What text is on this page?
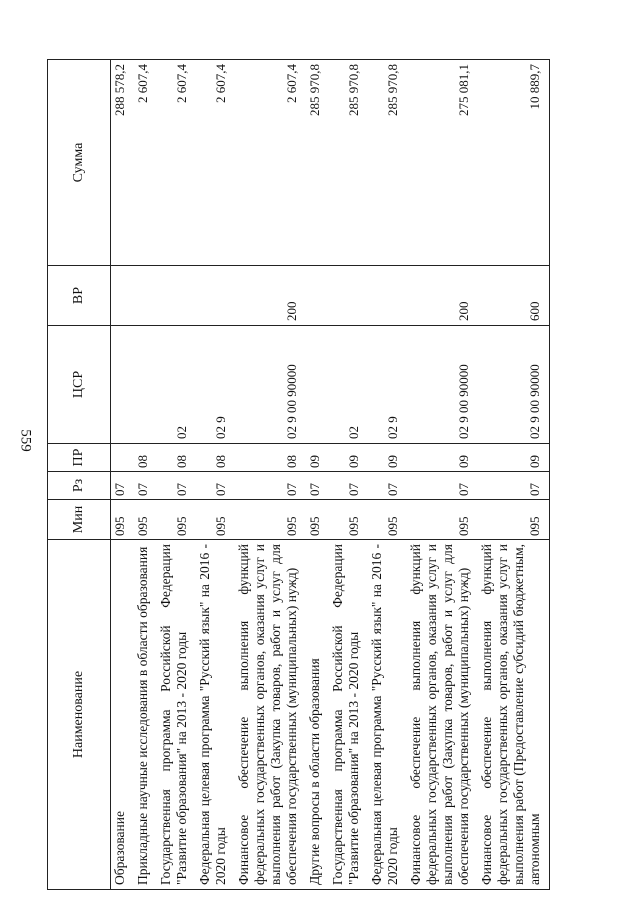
559
Наименование	Мин	Рз	ПР	ЦСР	ВР	Сумма
Образование	095	07				288 578,2
Прикладные научные исследования в области образования	095	07	08			2 607,4
Государственная программа Российской Федерации "Развитие образования" на 2013 - 2020 годы	095	07	08	02		2 607,4
Федеральная целевая программа "Русский язык" на 2016 - 2020 годы	095	07	08	02 9		2 607,4
Финансовое обеспечение выполнения функций федеральных государственных органов, оказания услуг и выполнения работ (Закупка товаров, работ и услуг для обеспечения государственных (муниципальных) нужд)	095	07	08	02 9 00 90000	200	2 607,4
Другие вопросы в области образования	095	07	09			285 970,8
Государственная программа Российской Федерации "Развитие образования" на 2013 - 2020 годы	095	07	09	02		285 970,8
Федеральная целевая программа "Русский язык" на 2016 - 2020 годы	095	07	09	02 9		285 970,8
Финансовое обеспечение выполнения функций федеральных государственных органов, оказания услуг и выполнения работ (Закупка товаров, работ и услуг для обеспечения государственных (муниципальных) нужд)	095	07	09	02 9 00 90000	200	275 081,1
Финансовое обеспечение выполнения функций федеральных государственных органов, оказания услуг и выполнения работ (Предоставление субсидий бюджетным, автономным	095	07	09	02 9 00 90000	600	10 889,7
